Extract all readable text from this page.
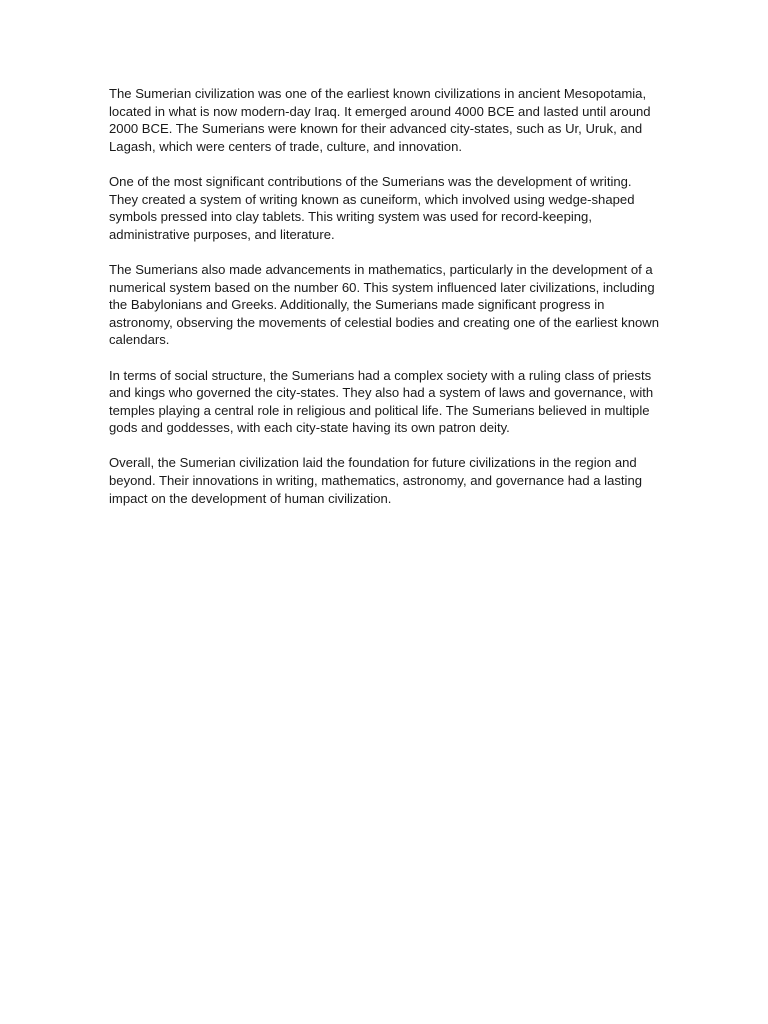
The Sumerian civilization was one of the earliest known civilizations in ancient Mesopotamia, located in what is now modern-day Iraq. It emerged around 4000 BCE and lasted until around 2000 BCE. The Sumerians were known for their advanced city-states, such as Ur, Uruk, and Lagash, which were centers of trade, culture, and innovation.

One of the most significant contributions of the Sumerians was the development of writing. They created a system of writing known as cuneiform, which involved using wedge-shaped symbols pressed into clay tablets. This writing system was used for record-keeping, administrative purposes, and literature.

The Sumerians also made advancements in mathematics, particularly in the development of a numerical system based on the number 60. This system influenced later civilizations, including the Babylonians and Greeks. Additionally, the Sumerians made significant progress in astronomy, observing the movements of celestial bodies and creating one of the earliest known calendars.

In terms of social structure, the Sumerians had a complex society with a ruling class of priests and kings who governed the city-states. They also had a system of laws and governance, with temples playing a central role in religious and political life. The Sumerians believed in multiple gods and goddesses, with each city-state having its own patron deity.

Overall, the Sumerian civilization laid the foundation for future civilizations in the region and beyond. Their innovations in writing, mathematics, astronomy, and governance had a lasting impact on the development of human civilization.
